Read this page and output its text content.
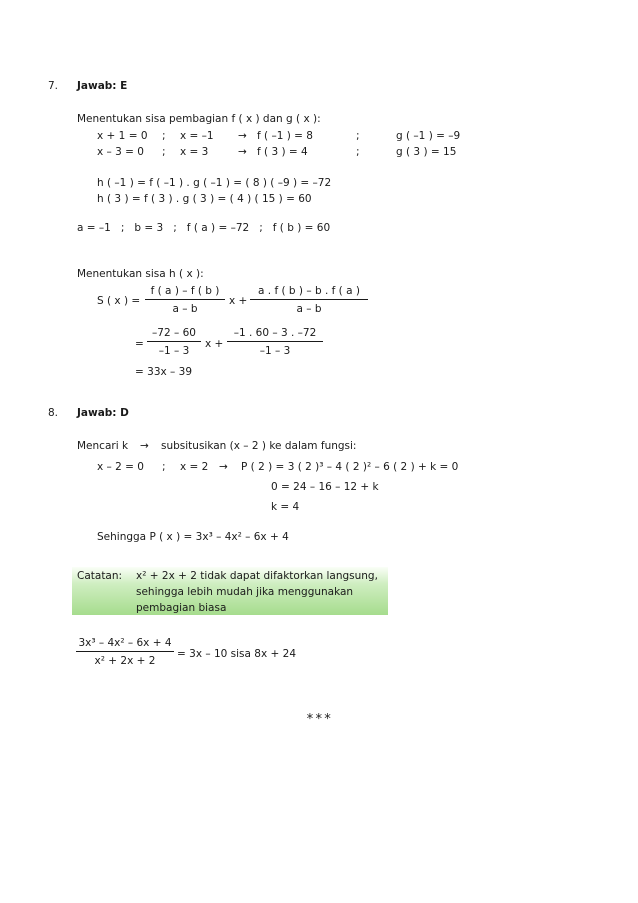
7. Jawab: E
Menentukan sisa pembagian f ( x ) dan g ( x ):
x + 1 = 0 ; x = –1 → f ( –1 ) = 8	;	g ( –1 ) = –9
x – 3 = 0 ; x = 3	→ f ( 3 ) = 4	;	g ( 3 ) = 15
h ( –1 ) = f ( –1 ) . g ( –1 ) = ( 8 ) ( –9 ) = –72
h ( 3 ) = f ( 3 ) . g ( 3 ) = ( 4 ) ( 15 ) = 60
a = –1   ;   b = 3   ;   f ( a ) = –72   ;   f ( b ) = 60
Menentukan sisa h ( x ):
S ( x ) =
f ( a ) – f ( b )
a – b
x +
a . f ( b ) – b . f ( a )
a – b
=
–72 – 60
–1 – 3
x +
–1 . 60 – 3 . –72
–1 – 3
= 33x – 39
8. Jawab: D
Mencari k → subsitusikan (x – 2 ) ke dalam fungsi:
x – 2 = 0 ; x = 2 → P ( 2 ) = 3 ( 2 )³ – 4 ( 2 )² – 6 ( 2 ) + k = 0
0 = 24 – 16 – 12 + k
k = 4
Sehingga P ( x ) = 3x³ – 4x² – 6x + 4
Catatan: x² + 2x + 2 tidak dapat difaktorkan langsung,
sehingga lebih mudah jika menggunakan
pembagian biasa
3x³ – 4x² – 6x + 4
x² + 2x + 2
= 3x – 10 sisa 8x + 24
***
